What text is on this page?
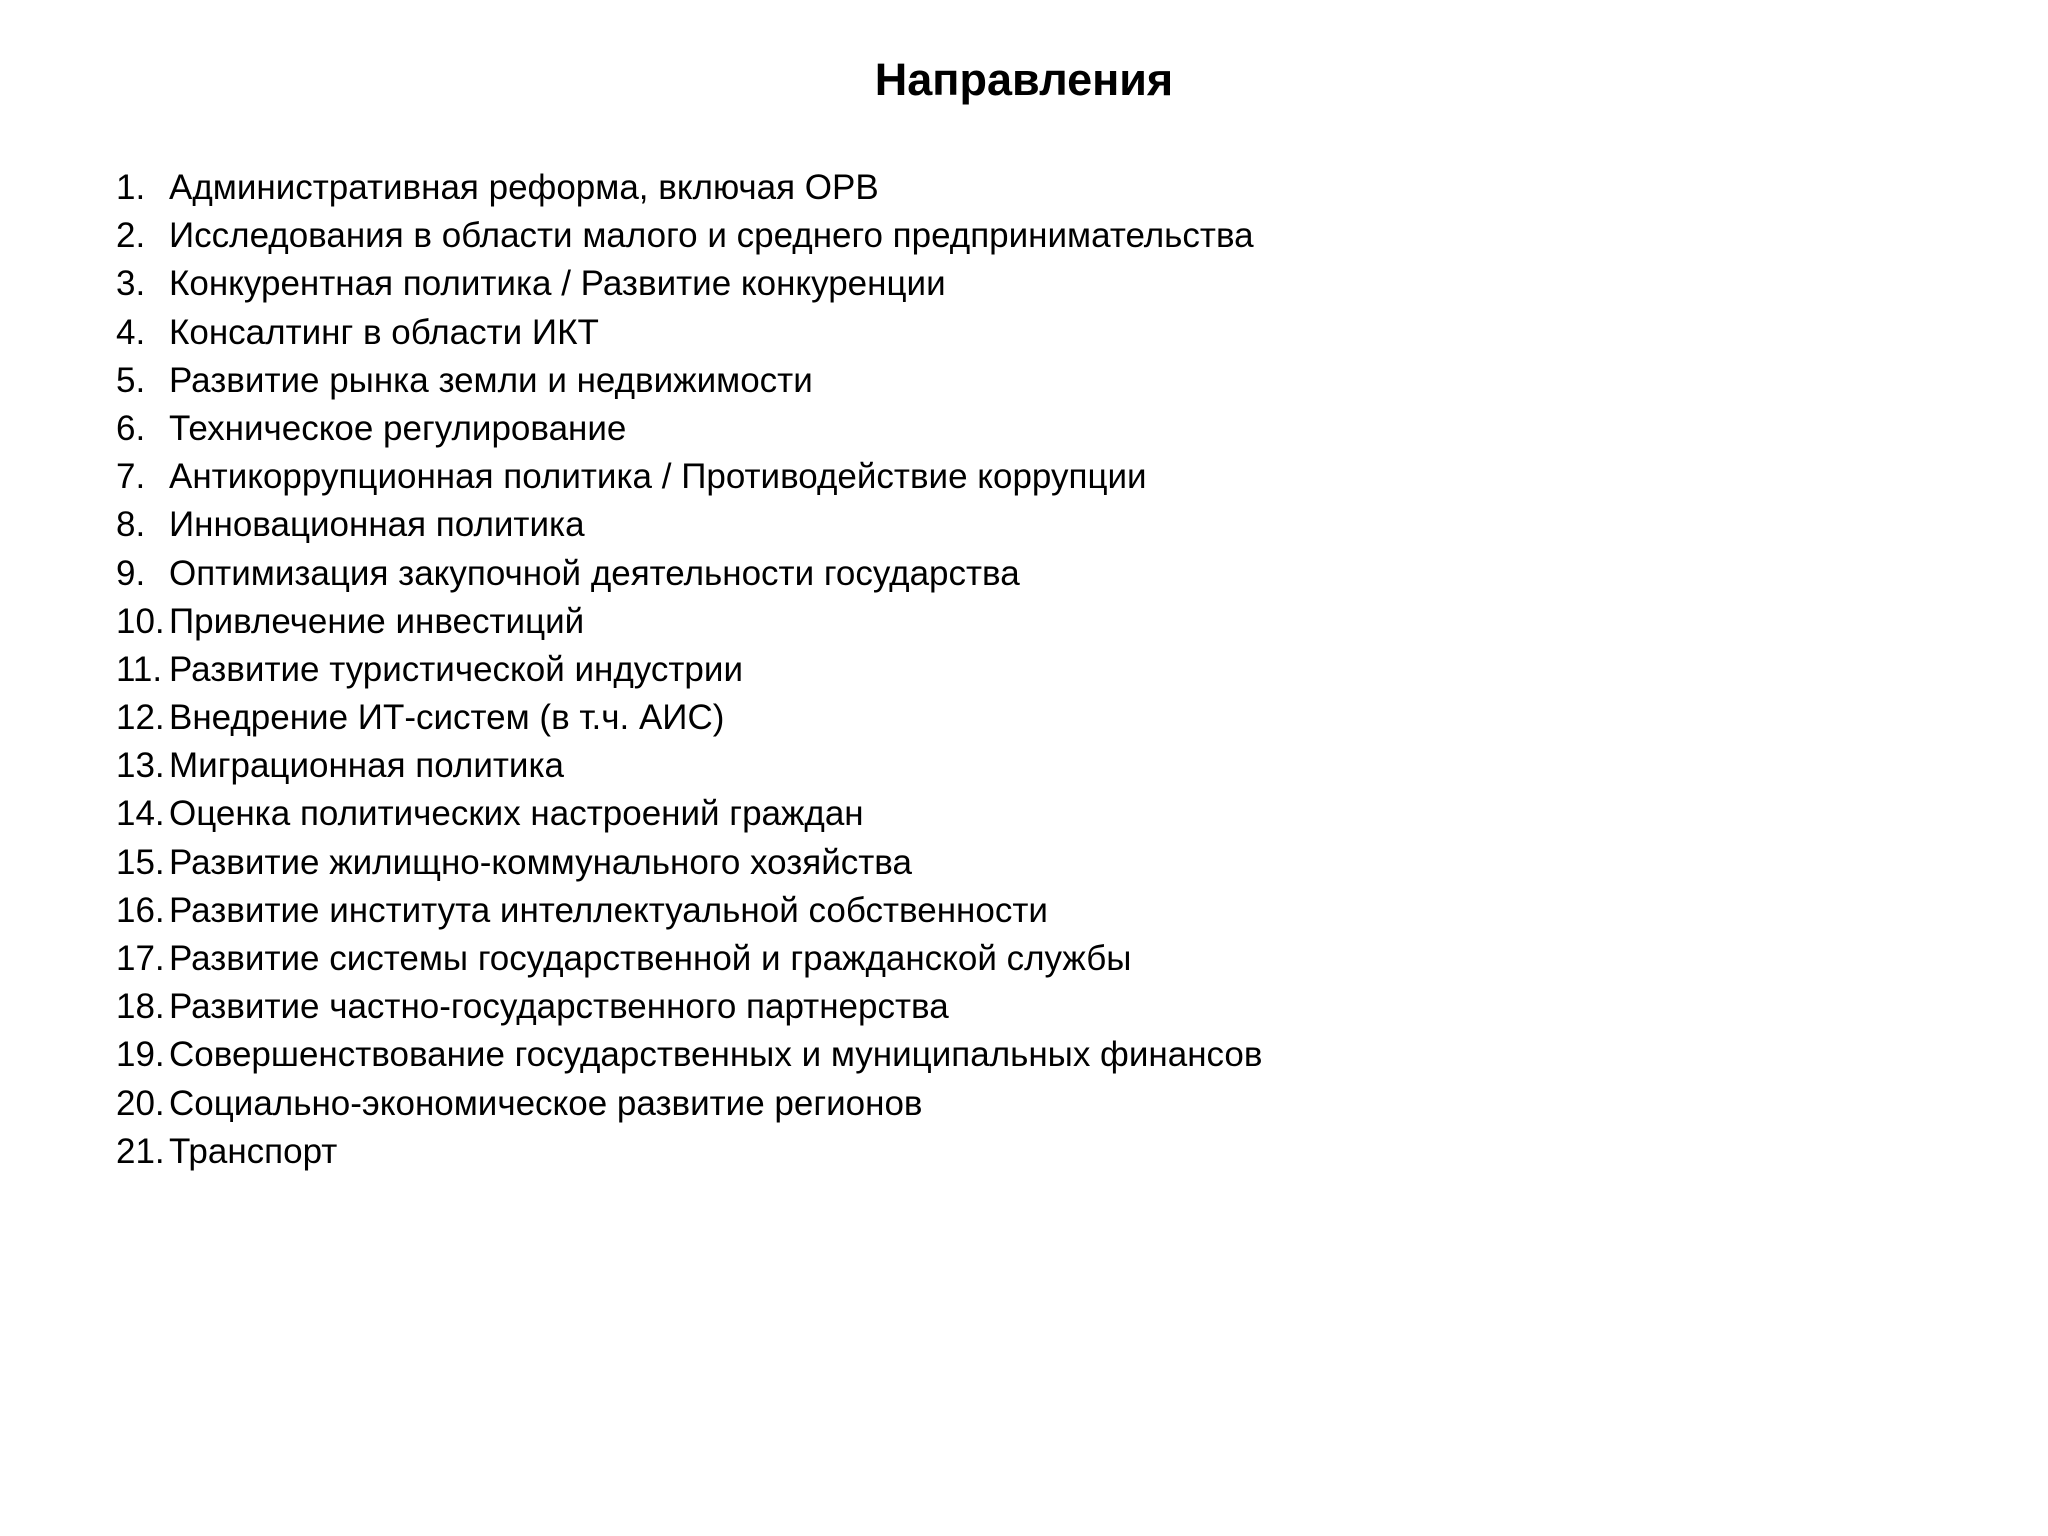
Направления
1. Административная реформа, включая ОРВ
2. Исследования в области малого и среднего предпринимательства
3. Конкурентная политика / Развитие конкуренции
4. Консалтинг в области ИКТ
5. Развитие рынка земли и недвижимости
6. Техническое регулирование
7. Антикоррупционная политика / Противодействие коррупции
8. Инновационная политика
9. Оптимизация закупочной деятельности государства
10. Привлечение инвестиций
11. Развитие туристической индустрии
12. Внедрение ИТ-систем (в т.ч. АИС)
13. Миграционная политика
14. Оценка политических настроений граждан
15. Развитие жилищно-коммунального хозяйства
16. Развитие института интеллектуальной собственности
17. Развитие системы государственной и гражданской службы
18. Развитие частно-государственного партнерства
19. Совершенствование государственных и муниципальных финансов
20. Социально-экономическое развитие регионов
21. Транспорт
